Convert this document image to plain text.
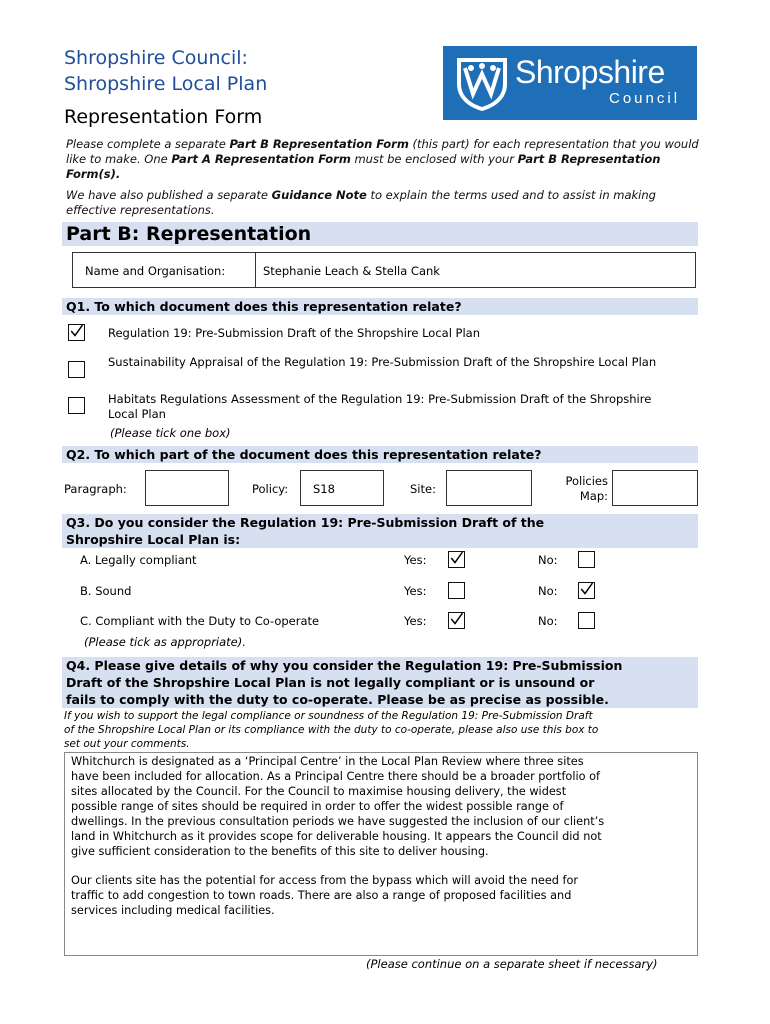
Shropshire Council:
Shropshire Local Plan
Representation Form
Shropshire
Council
Please complete a separate Part B Representation Form (this part) for each representation that you would like to make. One Part A Representation Form must be enclosed with your Part B Representation Form(s).
We have also published a separate Guidance Note to explain the terms used and to assist in making effective representations.
Part B: Representation
Name and Organisation:	Stephanie Leach & Stella Cank
Q1. To which document does this representation relate?
Regulation 19: Pre-Submission Draft of the Shropshire Local Plan
Sustainability Appraisal of the Regulation 19: Pre-Submission Draft of the Shropshire Local Plan
Habitats Regulations Assessment of the Regulation 19: Pre-Submission Draft of the Shropshire Local Plan
(Please tick one box)
Q2. To which part of the document does this representation relate?
Paragraph:	Policy:	S18	Site:
Policies
Map:
Q3. Do you consider the Regulation 19: Pre-Submission Draft of the
Shropshire Local Plan is:
A. Legally compliant	Yes:	No:
B. Sound	Yes:	No:
C. Compliant with the Duty to Co-operate	Yes:	No:
(Please tick as appropriate).
Q4. Please give details of why you consider the Regulation 19: Pre-Submission
Draft of the Shropshire Local Plan is not legally compliant or is unsound or
fails to comply with the duty to co-operate. Please be as precise as possible.
If you wish to support the legal compliance or soundness of the Regulation 19: Pre-Submission Draft
of the Shropshire Local Plan or its compliance with the duty to co-operate, please also use this box to
set out your comments.
Whitchurch is designated as a ‘Principal Centre’ in the Local Plan Review where three sites
have been included for allocation. As a Principal Centre there should be a broader portfolio of
sites allocated by the Council. For the Council to maximise housing delivery, the widest
possible range of sites should be required in order to offer the widest possible range of
dwellings. In the previous consultation periods we have suggested the inclusion of our client’s
land in Whitchurch as it provides scope for deliverable housing. It appears the Council did not
give sufficient consideration to the benefits of this site to deliver housing.
Our clients site has the potential for access from the bypass which will avoid the need for
traffic to add congestion to town roads. There are also a range of proposed facilities and
services including medical facilities.
(Please continue on a separate sheet if necessary)
